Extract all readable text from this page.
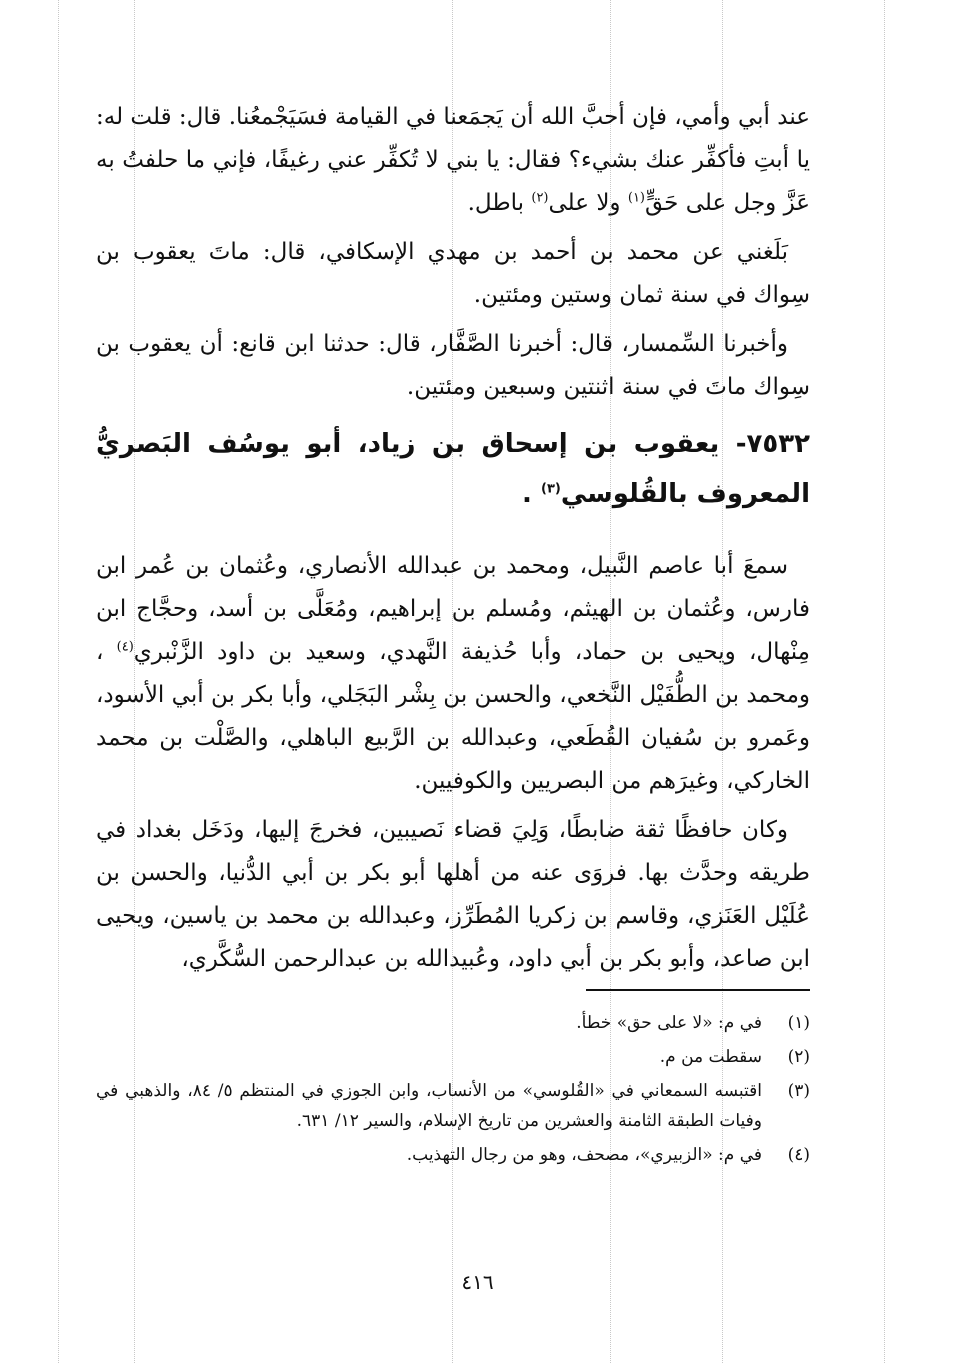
عند أبي وأمي، فإن أحبَّ الله أن يَجمَعنا في القيامة فسَيَجْمعُنا. قال: قلت له: يا أبتِ فأكفِّر عنك بشيء؟ فقال: يا بني لا تُكفِّر عني رغيفًا، فإني ما حلفتُ به عَزَّ وجل على حَقٍّ$^{(١)}$ ولا على$^{(٢)}$ باطل.

بَلَغني عن محمد بن أحمد بن مهدي الإسكافي، قال: ماتَ يعقوب بن سِواك في سنة ثمان وستين ومئتين.

وأخبرنا السِّمسار، قال: أخبرنا الصَّفَّار، قال: حدثنا ابن قانع: أن يعقوب بن سِواك ماتَ في سنة اثنتين وسبعين ومئتين.

٧٥٣٢- يعقوب بن إسحاق بن زياد، أبو يوسُف البَصريُّ المعروف بالقُلوسي$^{(٣)}$ .

سمعَ أبا عاصم النَّبيل، ومحمد بن عبدالله الأنصاري، وعُثمان بن عُمر ابن فارس، وعُثمان بن الهيثم، ومُسلم بن إبراهيم، ومُعَلَّى بن أسد، وحجَّاج ابن مِنْهال، ويحيى بن حماد، وأبا حُذيفة النَّهدي، وسعيد بن داود الزَّنْبري$^{(٤)}$ ، ومحمد بن الطُّفَيْل النَّخعي، والحسن بن بِشْر البَجَلي، وأبا بكر بن أبي الأسود، وعَمرو بن سُفيان القُطَعي، وعبدالله بن الرَّبيع الباهلي، والصَّلْت بن محمد الخاركي، وغيرَهم من البصريين والكوفيين.

وكان حافظًا ثقة ضابطًا، وَلِيَ قضاء نَصيبين، فخرجَ إليها، ودَخَل بغداد في طريقه وحدَّث بها. فروَى عنه من أهلها أبو بكر بن أبي الدُّنيا، والحسن بن عُلَيْل العَنَزي، وقاسم بن زكريا المُطَرِّز، وعبدالله بن محمد بن ياسين، ويحيى ابن صاعد، وأبو بكر بن أبي داود، وعُبيدالله بن عبدالرحمن السُّكَّري،

(١)
في م: «لا على حق» خطأ.
(٢)
سقطت من م.
(٣)
اقتبسه السمعاني في «القُلوسي» من الأنساب، وابن الجوزي في المنتظم ٥/ ٨٤، والذهبي في وفيات الطبقة الثامنة والعشرين من تاريخ الإسلام، والسير ١٢/ ٦٣١.
(٤)
في م: «الزبيري»، مصحف، وهو من رجال التهذيب.
٤١٦
